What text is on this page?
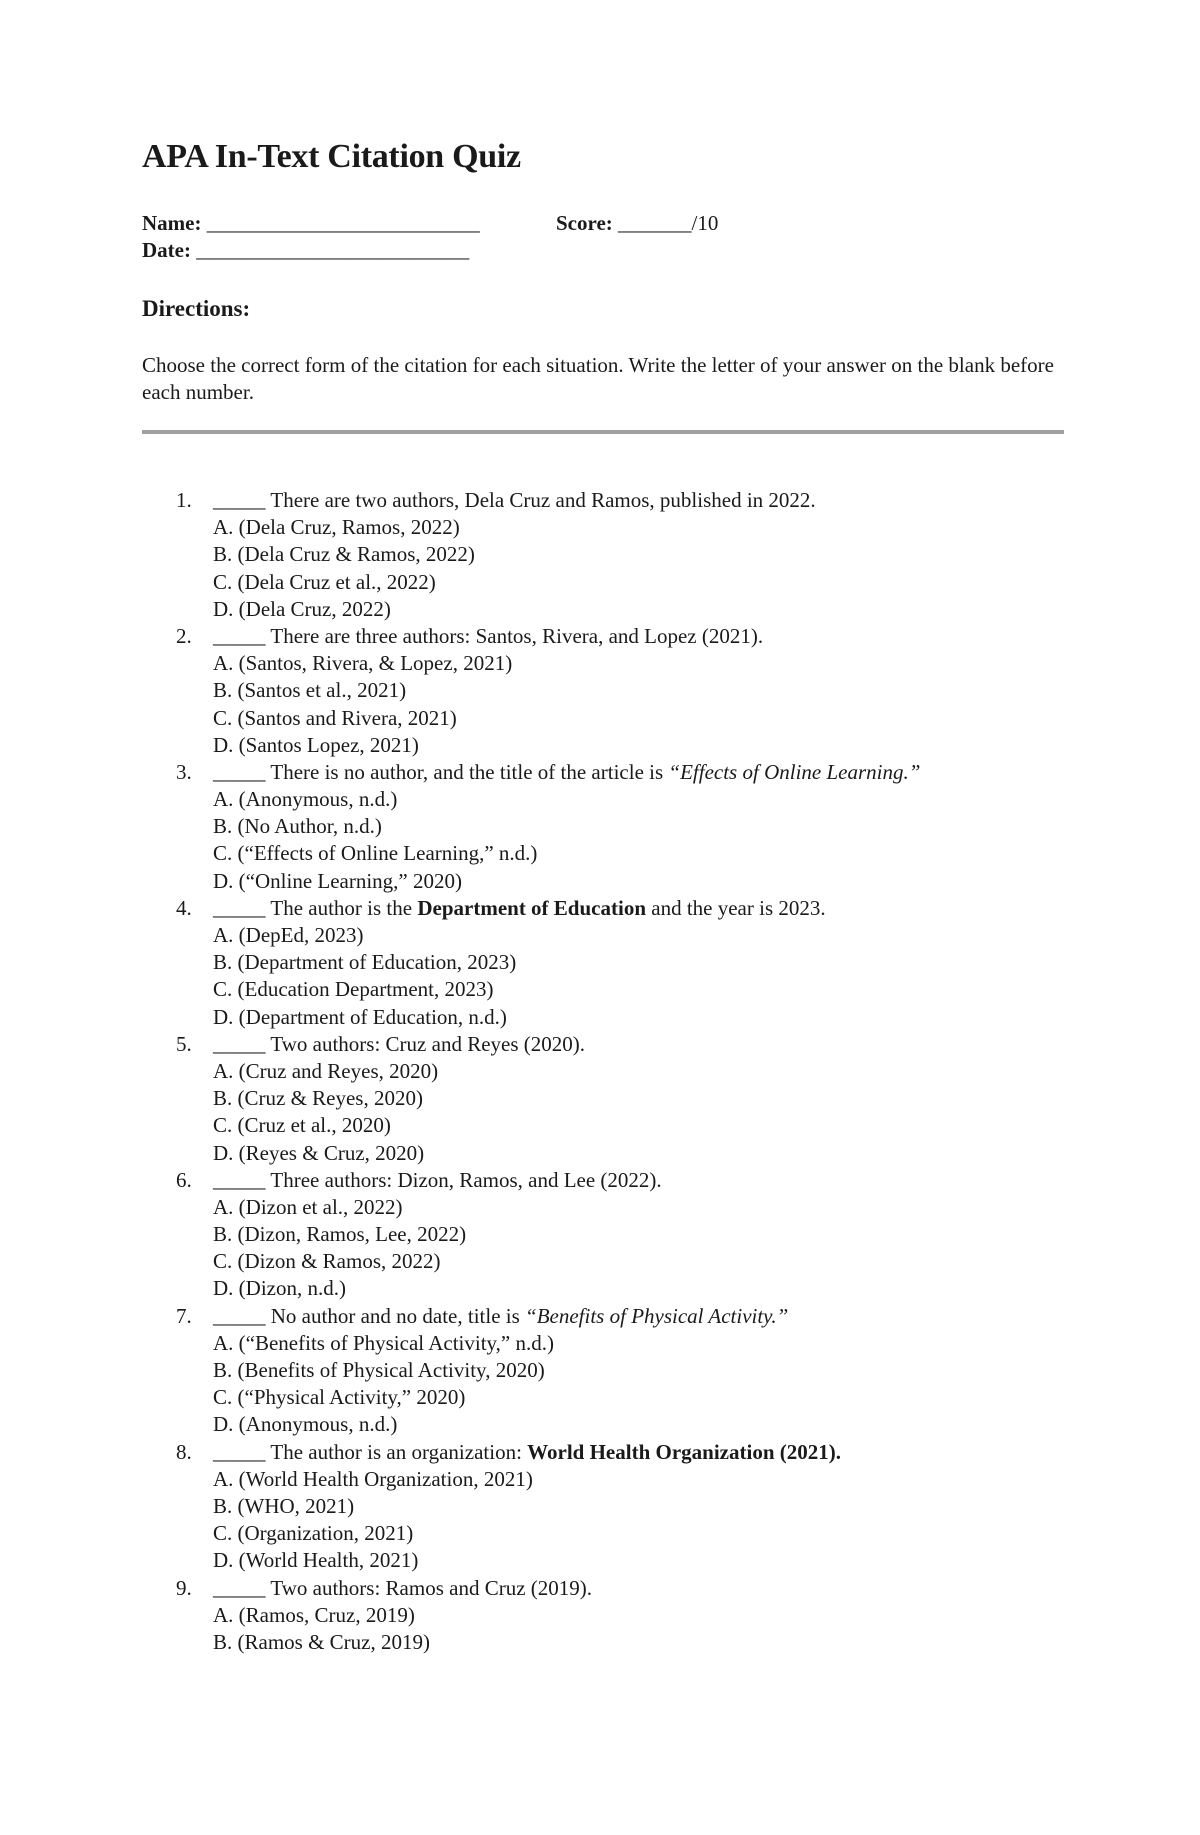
APA In-Text Citation Quiz
Name: __________________________	Score: _______/10
Date: __________________________
Directions:

Choose the correct form of the citation for each situation. Write the letter of your answer on the blank before each number.

1. _____ There are two authors, Dela Cruz and Ramos, published in 2022.
A. (Dela Cruz, Ramos, 2022)
B. (Dela Cruz & Ramos, 2022)
C. (Dela Cruz et al., 2022)
D. (Dela Cruz, 2022)
2. _____ There are three authors: Santos, Rivera, and Lopez (2021).
A. (Santos, Rivera, & Lopez, 2021)
B. (Santos et al., 2021)
C. (Santos and Rivera, 2021)
D. (Santos Lopez, 2021)
3. _____ There is no author, and the title of the article is “Effects of Online Learning.”
A. (Anonymous, n.d.)
B. (No Author, n.d.)
C. (“Effects of Online Learning,” n.d.)
D. (“Online Learning,” 2020)
4. _____ The author is the Department of Education and the year is 2023.
A. (DepEd, 2023)
B. (Department of Education, 2023)
C. (Education Department, 2023)
D. (Department of Education, n.d.)
5. _____ Two authors: Cruz and Reyes (2020).
A. (Cruz and Reyes, 2020)
B. (Cruz & Reyes, 2020)
C. (Cruz et al., 2020)
D. (Reyes & Cruz, 2020)
6. _____ Three authors: Dizon, Ramos, and Lee (2022).
A. (Dizon et al., 2022)
B. (Dizon, Ramos, Lee, 2022)
C. (Dizon & Ramos, 2022)
D. (Dizon, n.d.)
7. _____ No author and no date, title is “Benefits of Physical Activity.”
A. (“Benefits of Physical Activity,” n.d.)
B. (Benefits of Physical Activity, 2020)
C. (“Physical Activity,” 2020)
D. (Anonymous, n.d.)
8. _____ The author is an organization: World Health Organization (2021).
A. (World Health Organization, 2021)
B. (WHO, 2021)
C. (Organization, 2021)
D. (World Health, 2021)
9. _____ Two authors: Ramos and Cruz (2019).
A. (Ramos, Cruz, 2019)
B. (Ramos & Cruz, 2019)
